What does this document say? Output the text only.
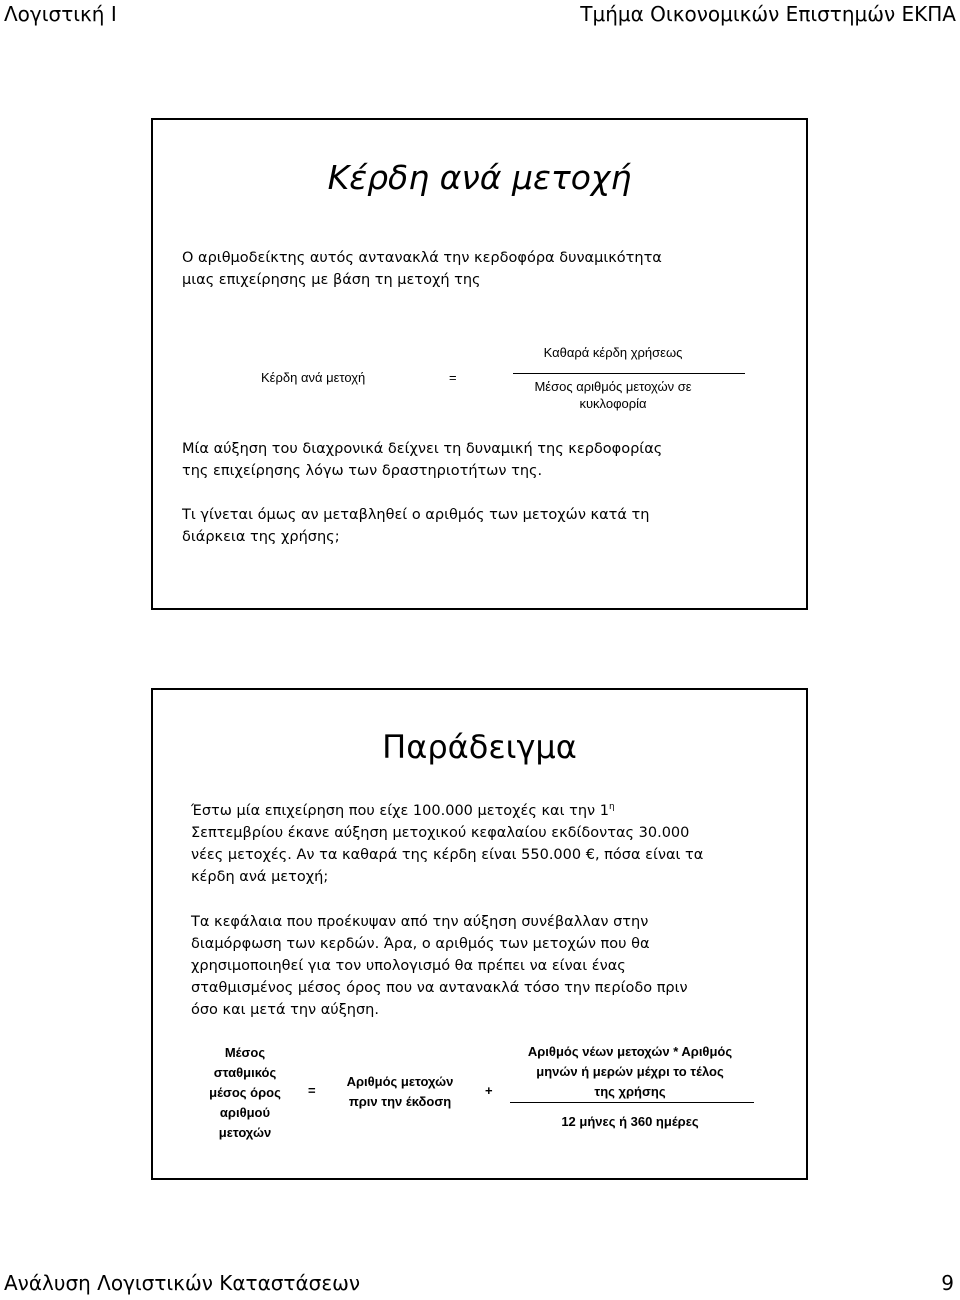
Λογιστική Ι	Τμήμα Οικονομικών Επιστημών ΕΚΠΑ
Κέρδη ανά μετοχή
Ο αριθμοδείκτης αυτός αντανακλά την κερδοφόρα δυναμικότητα
μιας επιχείρησης με βάση τη μετοχή της
Κέρδη ανά μετοχή	=
Καθαρά κέρδη χρήσεως
Μέσος αριθμός μετοχών σε
κυκλοφορία
Μία αύξηση του διαχρονικά δείχνει τη δυναμική της κερδοφορίας
της επιχείρησης λόγω των δραστηριοτήτων της.
Τι γίνεται όμως αν μεταβληθεί ο αριθμός των μετοχών κατά τη
διάρκεια της χρήσης;
Παράδειγμα
Έστω μία επιχείρηση που είχε 100.000 μετοχές και την $1^\eta$
Σεπτεμβρίου έκανε αύξηση μετοχικού κεφαλαίου εκδίδοντας 30.000
νέες μετοχές. Αν τα καθαρά της κέρδη είναι 550.000 €, πόσα είναι τα
κέρδη ανά μετοχή;
Τα κεφάλαια που προέκυψαν από την αύξηση συνέβαλλαν στην
διαμόρφωση των κερδών. Άρα, ο αριθμός των μετοχών που θα
χρησιμοποιηθεί για τον υπολογισμό θα πρέπει να είναι ένας
σταθμισμένος μέσος όρος που να αντανακλά τόσο την περίοδο πριν
όσο και μετά την αύξηση.
Μέσος
σταθμικός
μέσος όρος
αριθμού
μετοχών
=
Αριθμός μετοχών
πριν την έκδοση
+
Αριθμός νέων μετοχών * Αριθμός
μηνών ή μερών μέχρι το τέλος
της χρήσης
12 μήνες ή 360 ημέρες
Ανάλυση Λογιστικών Καταστάσεων	9
